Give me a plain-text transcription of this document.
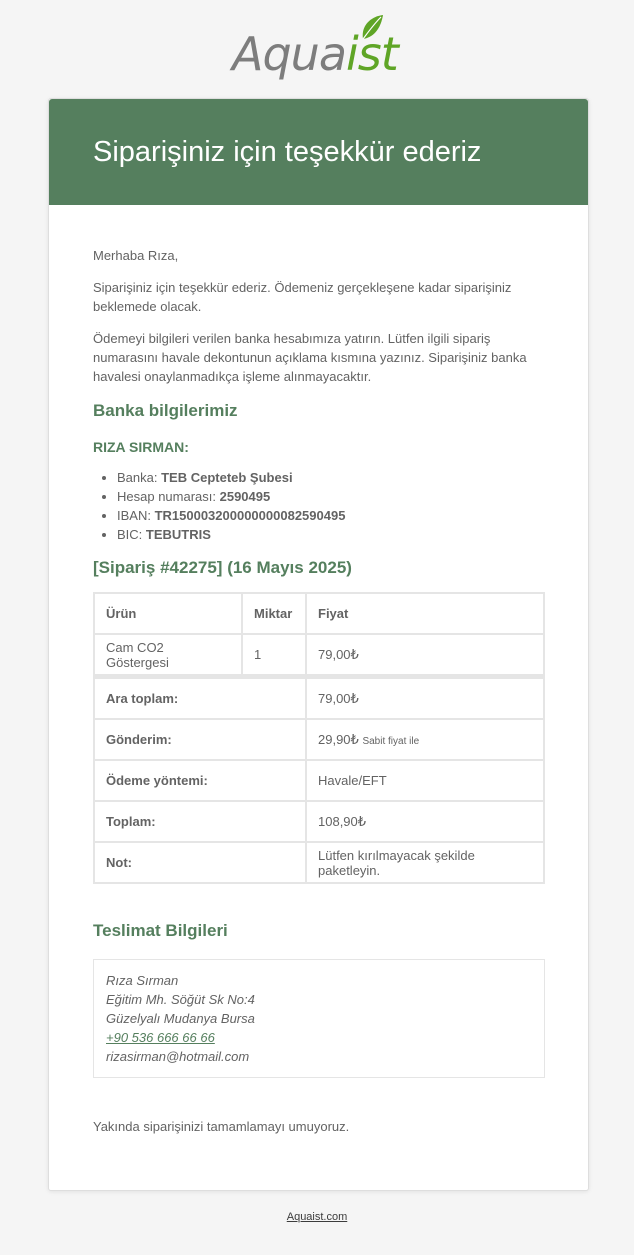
Aquaist
Siparişiniz için teşekkür ederiz

Merhaba Rıza,

Siparişiniz için teşekkür ederiz. Ödemeniz gerçekleşene kadar siparişiniz beklemede olacak.

Ödemeyi bilgileri verilen banka hesabımıza yatırın. Lütfen ilgili sipariş numarasını havale dekontunun açıklama kısmına yazınız. Siparişiniz banka havalesi onaylanmadıkça işleme alınmayacaktır.

Banka bilgilerimiz
RIZA SIRMAN:
• Banka: TEB Cepteteb Şubesi
• Hesap numarası: 2590495
• IBAN: TR150003200000000082590495
• BIC: TEBUTRIS
[Sipariş #42275] (16 Mayıs 2025)
Ürün	Miktar	Fiyat
Cam CO2 Göstergesi	1	79,00₺
Ara toplam:		79,00₺
Gönderim:		29,90₺ Sabit fiyat ile
Ödeme yöntemi:		Havale/EFT
Toplam:		108,90₺
Not:		Lütfen kırılmayacak şekilde paketleyin.
Teslimat Bilgileri
Rıza Sırman
Eğitim Mh. Söğüt Sk No:4
Güzelyalı Mudanya Bursa
+90 536 666 66 66
rizasirman@hotmail.com

Yakında siparişinizi tamamlamayı umuyoruz.

Aquaist.com
